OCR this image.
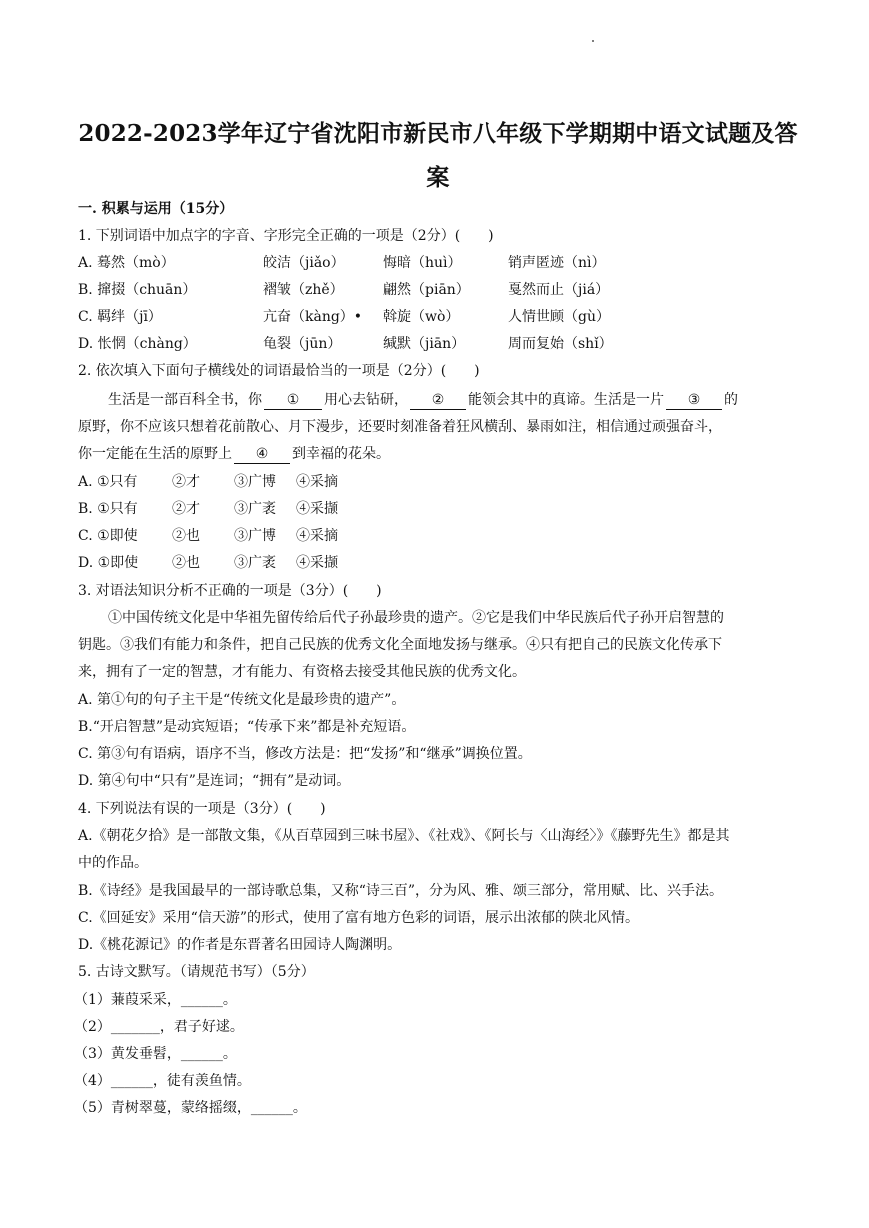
2022-2023学年辽宁省沈阳市新民市八年级下学期期中语文试题及答
案
一. 积累与运用（15分）
1. 下别词语中加点字的字音、字形完全正确的一项是（2分）(　　)
A. 蓦然（mò）	皎洁（jiǎo）	悔暗（huì）	销声匿迹（nì）
B. 撺掇（chuān）	褶皱（zhě）	翩然（piān）	戛然而止（jiá）
C. 羁绊（jī）	亢奋（kàng）• 斡旋（wò）	人情世顾（gù）
D. 怅惘（chàng）	龟裂（jūn）	缄默（jiān）	周而复始（shǐ）
2. 依次填入下面句子横线处的词语最恰当的一项是（2分）(　　)
生活是一部百科全书，你 ① 用心去钻研， ② 能领会其中的真谛。生活是一片 ③ 的
原野，你不应该只想着花前散心、月下漫步，还要时刻准备着狂风横刮、暴雨如注，相信通过顽强奋斗，
你一定能在生活的原野上 ④ 到幸福的花朵。
A. ①只有 ②才 ③广博 ④采摘
B. ①只有 ②才 ③广袤 ④采撷
C. ①即使 ②也 ③广博 ④采摘
D. ①即使 ②也 ③广袤 ④采撷
3. 对语法知识分析不正确的一项是（3分）(　　)
①中国传统文化是中华祖先留传给后代子孙最珍贵的遗产。②它是我们中华民族后代子孙开启智慧的
钥匙。③我们有能力和条件，把自己民族的优秀文化全面地发扬与继承。④只有把自己的民族文化传承下
来，拥有了一定的智慧，才有能力、有资格去接受其他民族的优秀文化。
A. 第①句的句子主干是“传统文化是最珍贵的遗产”。
B.“开启智慧”是动宾短语；“传承下来”都是补充短语。
C. 第③句有语病，语序不当，修改方法是：把“发扬”和“继承”调换位置。
D. 第④句中“只有”是连词；“拥有”是动词。
4. 下列说法有误的一项是（3分）(　　)
A.《朝花夕拾》是一部散文集，《从百草园到三味书屋》、《社戏》、《阿长与〈山海经〉》《藤野先生》都是其
中的作品。
B.《诗经》是我国最早的一部诗歌总集，又称“诗三百”，分为风、雅、颂三部分，常用赋、比、兴手法。
C.《回延安》采用“信天游”的形式，使用了富有地方色彩的词语，展示出浓郁的陕北风情。
D.《桃花源记》的作者是东晋著名田园诗人陶渊明。
5. 古诗文默写。（请规范书写）（5分）
（1）蒹葭采采，______。
（2）_______，君子好逑。
（3）黄发垂髫，______。
（4）______，徒有羡鱼情。
（5）青树翠蔓，蒙络摇缀，______。
